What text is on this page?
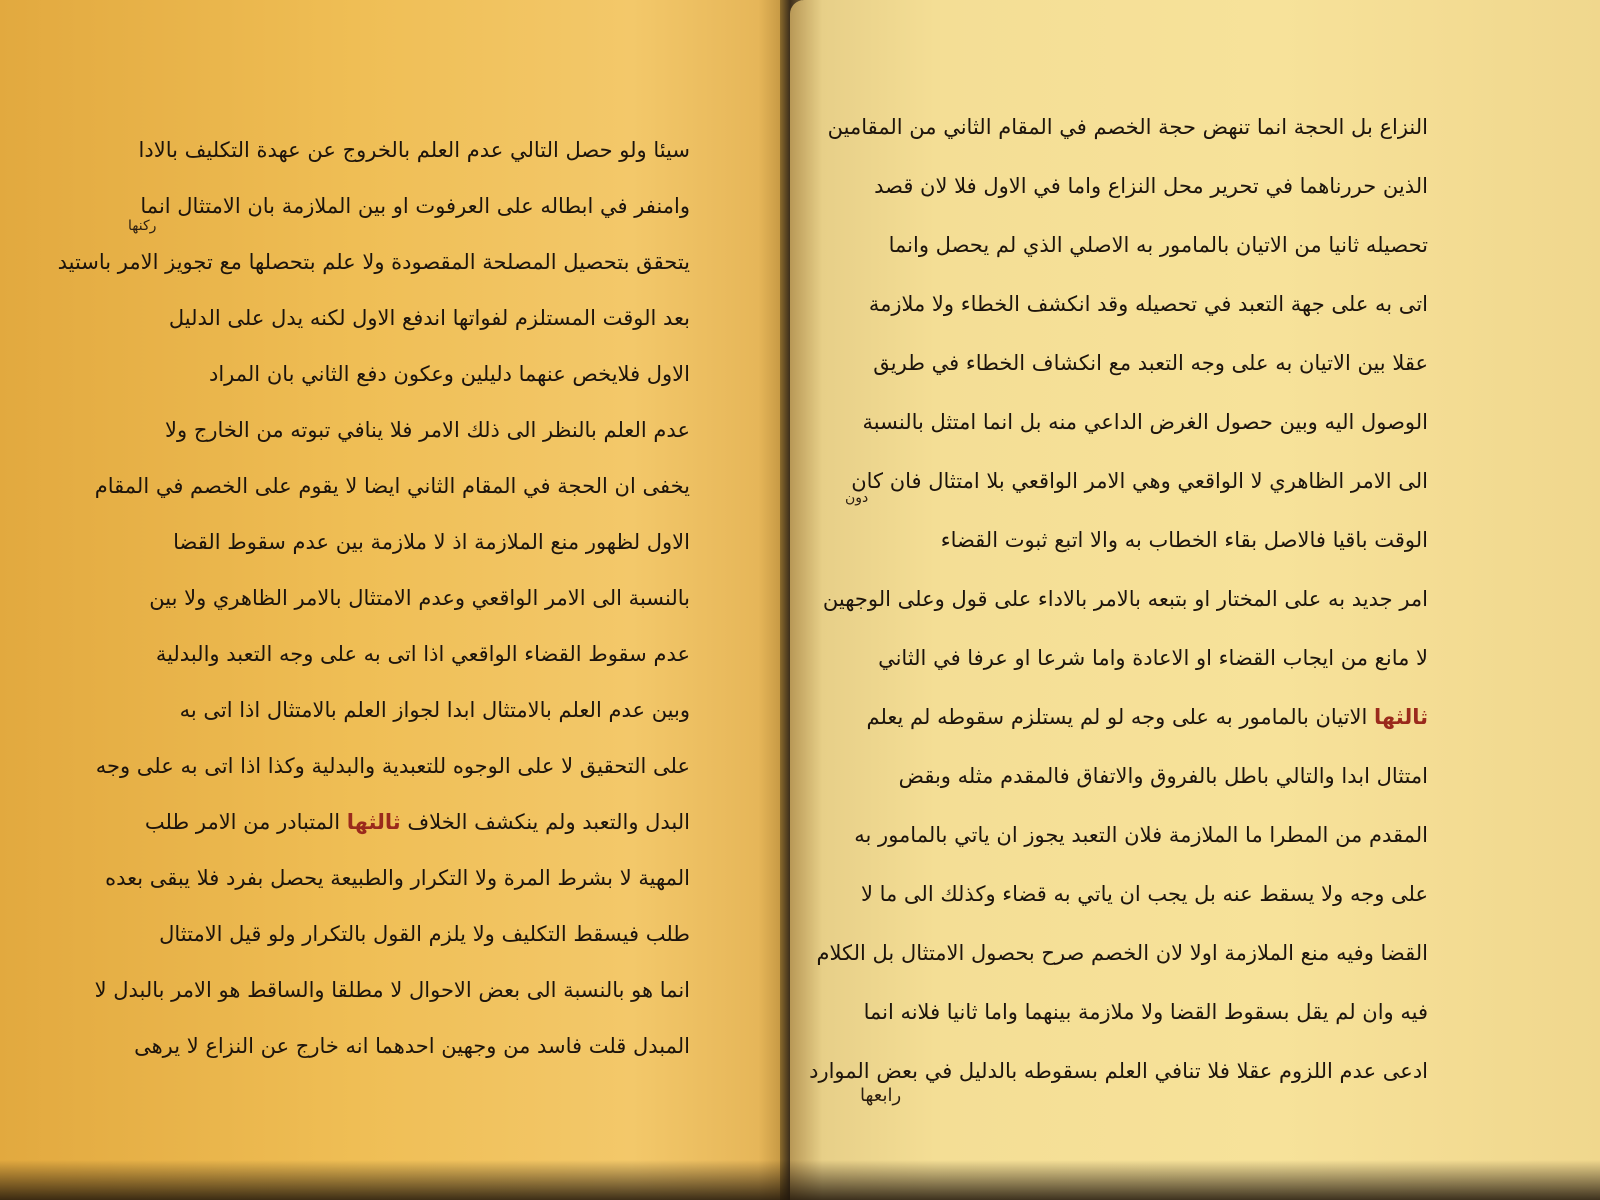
سيئا ولو حصل التالي عدم العلم بالخروج عن عهدة التكليف بالادا
وامنفر في ابطاله على العرفوت او بين الملازمة بان الامتثال انما
يتحقق بتحصيل المصلحة المقصودة ولا علم بتحصلها مع تجويز الامر باستيد
بعد الوقت المستلزم لفواتها اندفع الاول لكنه يدل على الدليل
الاول فلايخص عنهما دليلين وعكون دفع الثاني بان المراد
عدم العلم بالنظر الى ذلك الامر فلا ينافي تبوته من الخارج ولا
يخفى ان الحجة في المقام الثاني ايضا لا يقوم على الخصم في المقام
الاول لظهور منع الملازمة اذ لا ملازمة بين عدم سقوط القضا
بالنسبة الى الامر الواقعي وعدم الامتثال بالامر الظاهري ولا بين
عدم سقوط القضاء الواقعي اذا اتى به على وجه التعبد والبدلية
وبين عدم العلم بالامتثال ابدا لجواز العلم بالامتثال اذا اتى به
على التحقيق لا على الوجوه للتعبدية والبدلية وكذا اذا اتى به على وجه
البدل والتعبد ولم ينكشف الخلاف ثالثها المتبادر من الامر طلب
المهية لا بشرط المرة ولا التكرار والطبيعة يحصل بفرد فلا يبقى بعده
طلب فيسقط التكليف ولا يلزم القول بالتكرار ولو قيل الامتثال
انما هو بالنسبة الى بعض الاحوال لا مطلقا والساقط هو الامر بالبدل لا
المبدل قلت فاسد من وجهين احدهما انه خارج عن النزاع لا يرهى
ركنها
النزاع بل الحجة انما تنهض حجة الخصم في المقام الثاني من المقامين
الذين حررناهما في تحرير محل النزاع واما في الاول فلا لان قصد
تحصيله ثانيا من الاتيان بالمامور به الاصلي الذي لم يحصل وانما
اتى به على جهة التعبد في تحصيله وقد انكشف الخطاء ولا ملازمة
عقلا بين الاتيان به على وجه التعبد مع انكشاف الخطاء في طريق
الوصول اليه وبين حصول الغرض الداعي منه بل انما امتثل بالنسبة
الى الامر الظاهري لا الواقعي وهي الامر الواقعي بلا امتثال فان كان
الوقت باقيا فالاصل بقاء الخطاب به والا اتبع ثبوت القضاء
امر جديد به على المختار او بتبعه بالامر بالاداء على قول وعلى الوجهين
لا مانع من ايجاب القضاء او الاعادة واما شرعا او عرفا في الثاني
ثالثها الاتيان بالمامور به على وجه لو لم يستلزم سقوطه لم يعلم
امتثال ابدا والتالي باطل بالفروق والاتفاق فالمقدم مثله وبقض
المقدم من المطرا ما الملازمة فلان التعبد يجوز ان ياتي بالمامور به
على وجه ولا يسقط عنه بل يجب ان ياتي به قضاء وكذلك الى ما لا
القضا وفيه منع الملازمة اولا لان الخصم صرح بحصول الامتثال بل الكلام
فيه وان لم يقل بسقوط القضا ولا ملازمة بينهما واما ثانيا فلانه انما
ادعى عدم اللزوم عقلا فلا تنافي العلم بسقوطه بالدليل في بعض الموارد
دون
رابعها
